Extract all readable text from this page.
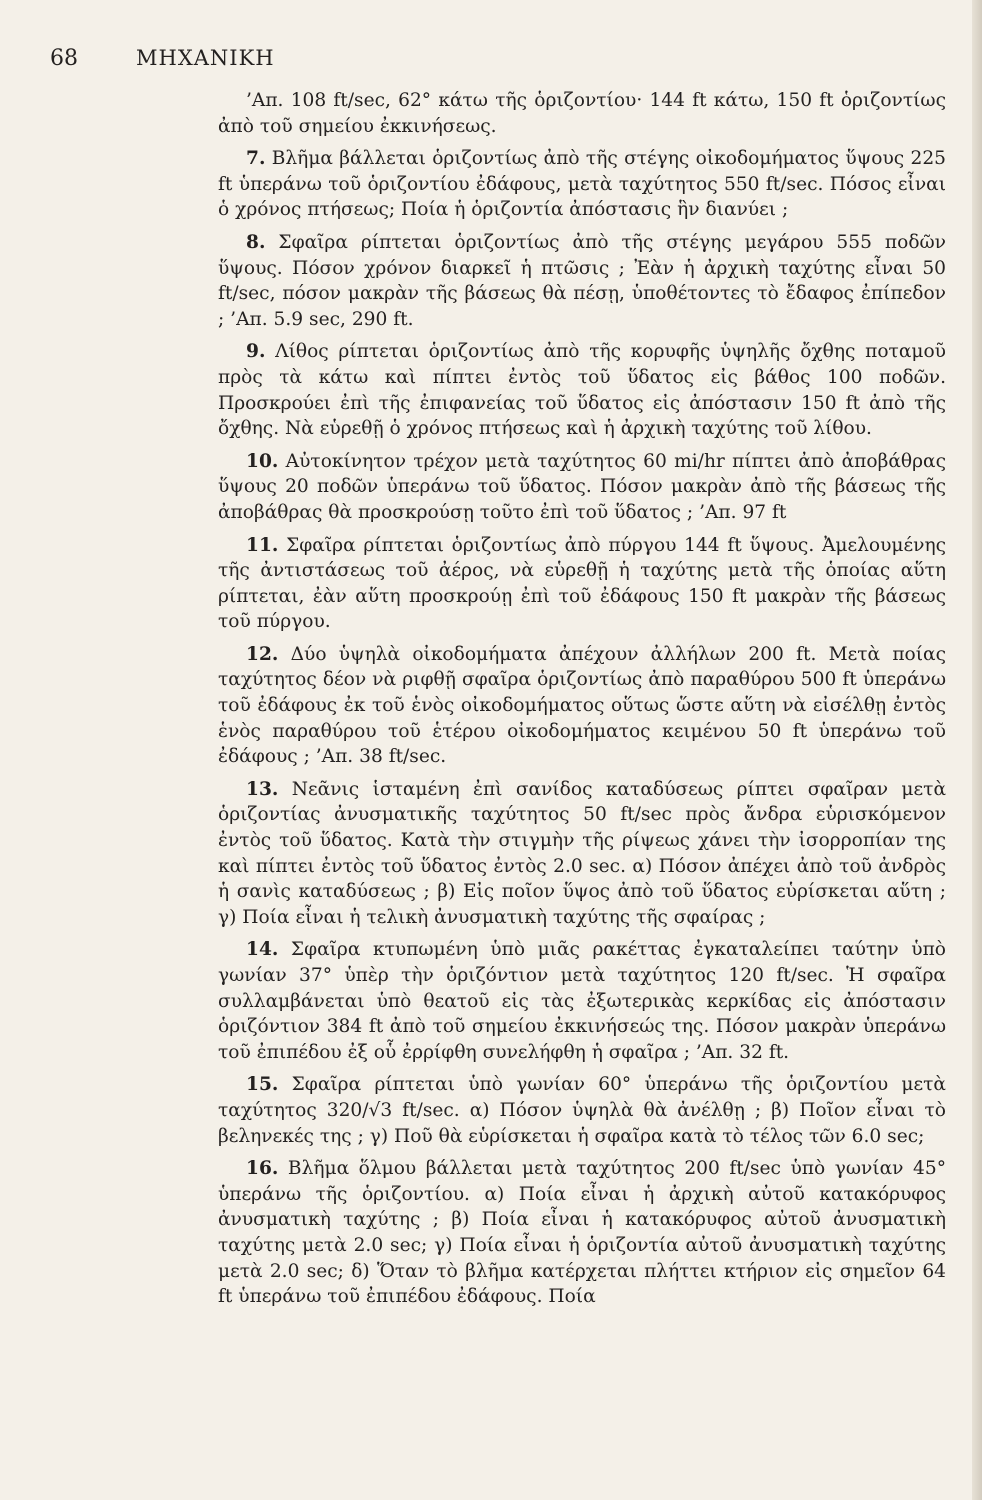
68	ΜΗΧΑΝΙΚΗ

’Απ. 108 ft/sec, 62° κάτω τῆς ὁριζοντίου· 144 ft κάτω, 150 ft ὁριζοντίως ἀπὸ τοῦ σημείου ἐκκινήσεως.

7. Βλῆμα βάλλεται ὁριζοντίως ἀπὸ τῆς στέγης οἰκοδομήματος ὕψους 225 ft ὑπεράνω τοῦ ὁριζοντίου ἐδάφους, μετὰ ταχύτητος 550 ft/sec. Πόσος εἶναι ὁ χρόνος πτήσεως; Ποία ἡ ὁριζοντία ἀπόστασις ἣν διανύει ;

8. Σφαῖρα ρίπτεται ὁριζοντίως ἀπὸ τῆς στέγης μεγάρου 555 ποδῶν ὕψους. Πόσον χρόνον διαρκεῖ ἡ πτῶσις ; Ἐὰν ἡ ἀρχικὴ ταχύτης εἶναι 50 ft/sec, πόσον μακρὰν τῆς βάσεως θὰ πέσῃ, ὑποθέτοντες τὸ ἔδαφος ἐπίπεδον ; ’Απ. 5.9 sec, 290 ft.

9. Λίθος ρίπτεται ὁριζοντίως ἀπὸ τῆς κορυφῆς ὑψηλῆς ὄχθης ποταμοῦ πρὸς τὰ κάτω καὶ πίπτει ἐντὸς τοῦ ὕδατος εἰς βάθος 100 ποδῶν. Προσκρούει ἐπὶ τῆς ἐπιφανείας τοῦ ὕδατος εἰς ἀπόστασιν 150 ft ἀπὸ τῆς ὄχθης. Νὰ εὑρεθῇ ὁ χρόνος πτήσεως καὶ ἡ ἀρχικὴ ταχύτης τοῦ λίθου.

10. Αὐτοκίνητον τρέχον μετὰ ταχύτητος 60 mi/hr πίπτει ἀπὸ ἀποβάθρας ὕψους 20 ποδῶν ὑπεράνω τοῦ ὕδατος. Πόσον μακρὰν ἀπὸ τῆς βάσεως τῆς ἀποβάθρας θὰ προσκρούσῃ τοῦτο ἐπὶ τοῦ ὕδατος ; ’Απ. 97 ft

11. Σφαῖρα ρίπτεται ὁριζοντίως ἀπὸ πύργου 144 ft ὕψους. Ἀμελουμένης τῆς ἀντιστάσεως τοῦ ἀέρος, νὰ εὑρεθῇ ἡ ταχύτης μετὰ τῆς ὁποίας αὕτη ρίπτεται, ἐὰν αὕτη προσκρούῃ ἐπὶ τοῦ ἐδάφους 150 ft μακρὰν τῆς βάσεως τοῦ πύργου.

12. Δύο ὑψηλὰ οἰκοδομήματα ἀπέχουν ἀλλήλων 200 ft. Μετὰ ποίας ταχύτητος δέον νὰ ριφθῇ σφαῖρα ὁριζοντίως ἀπὸ παραθύρου 500 ft ὑπεράνω τοῦ ἐδάφους ἐκ τοῦ ἑνὸς οἰκοδομήματος οὕτως ὥστε αὕτη νὰ εἰσέλθῃ ἐντὸς ἑνὸς παραθύρου τοῦ ἑτέρου οἰκοδομήματος κειμένου 50 ft ὑπεράνω τοῦ ἐδάφους ; ’Απ. 38 ft/sec.

13. Νεᾶνις ἱσταμένη ἐπὶ σανίδος καταδύσεως ρίπτει σφαῖραν μετὰ ὁριζοντίας ἀνυσματικῆς ταχύτητος 50 ft/sec πρὸς ἄνδρα εὑρισκόμενον ἐντὸς τοῦ ὕδατος. Κατὰ τὴν στιγμὴν τῆς ρίψεως χάνει τὴν ἰσορροπίαν της καὶ πίπτει ἐντὸς τοῦ ὕδατος ἐντὸς 2.0 sec. α) Πόσον ἀπέχει ἀπὸ τοῦ ἀνδρὸς ἡ σανὶς καταδύσεως ; β) Εἰς ποῖον ὕψος ἀπὸ τοῦ ὕδατος εὑρίσκεται αὕτη ; γ) Ποία εἶναι ἡ τελικὴ ἀνυσματικὴ ταχύτης τῆς σφαίρας ;

14. Σφαῖρα κτυπωμένη ὑπὸ μιᾶς ρακέττας ἐγκαταλείπει ταύτην ὑπὸ γωνίαν 37° ὑπὲρ τὴν ὁριζόντιον μετὰ ταχύτητος 120 ft/sec. Ἡ σφαῖρα συλλαμβάνεται ὑπὸ θεατοῦ εἰς τὰς ἐξωτερικὰς κερκίδας εἰς ἀπόστασιν ὁριζόντιον 384 ft ἀπὸ τοῦ σημείου ἐκκινήσεώς της. Πόσον μακρὰν ὑπεράνω τοῦ ἐπιπέδου ἐξ οὗ ἐρρίφθη συνελήφθη ἡ σφαῖρα ; ’Απ. 32 ft.

15. Σφαῖρα ρίπτεται ὑπὸ γωνίαν 60° ὑπεράνω τῆς ὁριζοντίου μετὰ ταχύτητος 320/√3 ft/sec. α) Πόσον ὑψηλὰ θὰ ἀνέλθῃ ; β) Ποῖον εἶναι τὸ βεληνεκές της ; γ) Ποῦ θὰ εὑρίσκεται ἡ σφαῖρα κατὰ τὸ τέλος τῶν 6.0 sec;

16. Βλῆμα ὅλμου βάλλεται μετὰ ταχύτητος 200 ft/sec ὑπὸ γωνίαν 45° ὑπεράνω τῆς ὁριζοντίου. α) Ποία εἶναι ἡ ἀρχικὴ αὐτοῦ κατακόρυφος ἀνυσματικὴ ταχύτης ; β) Ποία εἶναι ἡ κατακόρυφος αὐτοῦ ἀνυσματικὴ ταχύτης μετὰ 2.0 sec; γ) Ποία εἶναι ἡ ὁριζοντία αὐτοῦ ἀνυσματικὴ ταχύτης μετὰ 2.0 sec; δ) Ὅταν τὸ βλῆμα κατέρχεται πλήττει κτήριον εἰς σημεῖον 64 ft ὑπεράνω τοῦ ἐπιπέδου ἐδάφους. Ποία
